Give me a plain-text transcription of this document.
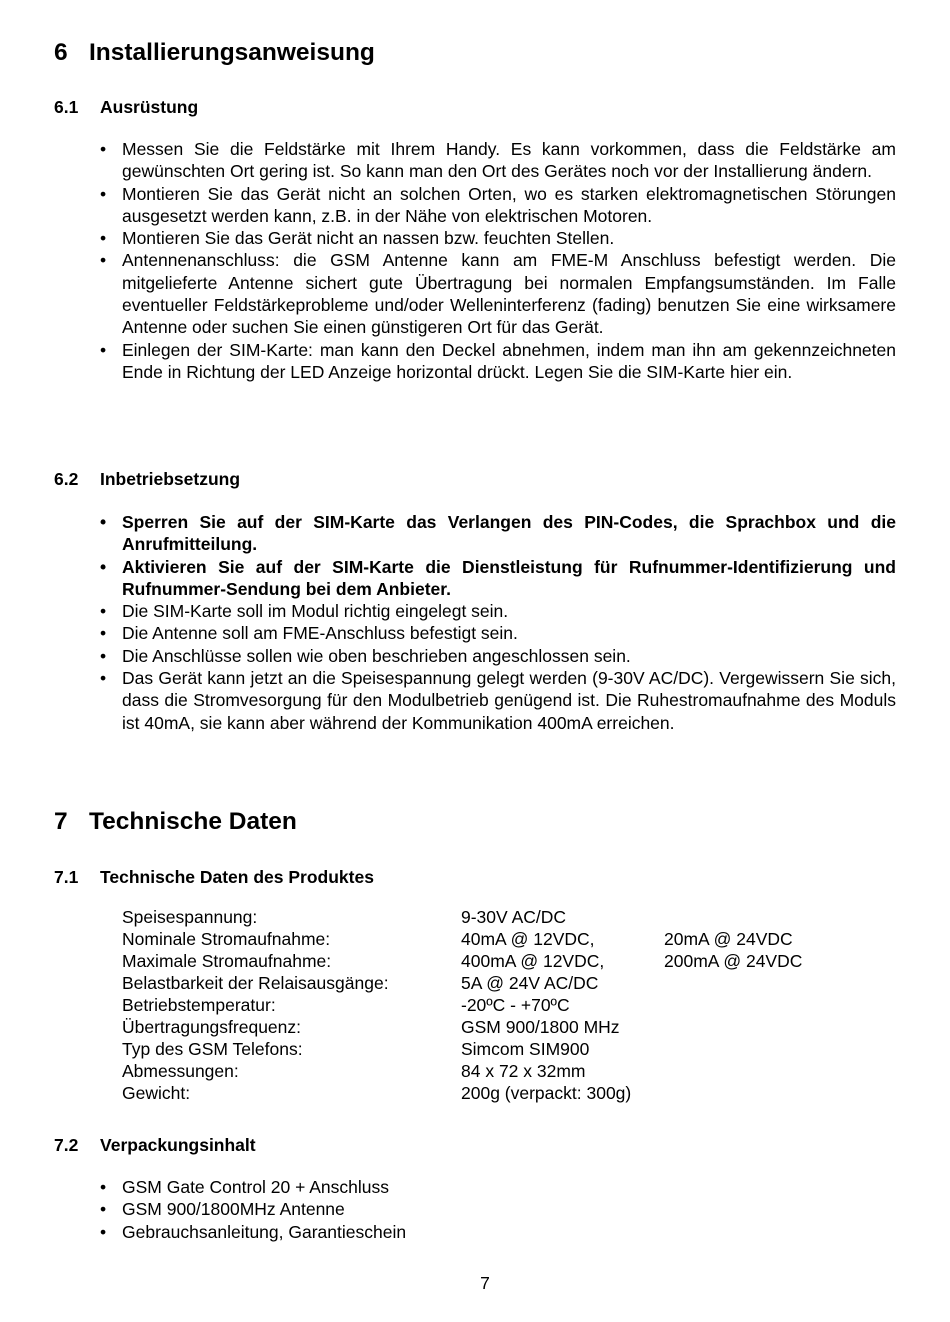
6 Installierungsanweisung
6.1 Ausrüstung
• Messen Sie die Feldstärke mit Ihrem Handy. Es kann vorkommen, dass die Feldstärke am gewünschten Ort gering ist. So kann man den Ort des Gerätes noch vor der Installierung ändern.
• Montieren Sie das Gerät nicht an solchen Orten, wo es starken elektromagnetischen Störungen ausgesetzt werden kann, z.B. in der Nähe von elektrischen Motoren.
• Montieren Sie das Gerät nicht an nassen bzw. feuchten Stellen.
• Antennenanschluss: die GSM Antenne kann am FME-M Anschluss befestigt werden. Die mitgelieferte Antenne sichert gute Übertragung bei normalen Empfangsumständen. Im Falle eventueller Feldstärkeprobleme und/oder Welleninterferenz (fading) benutzen Sie eine wirksamere Antenne oder suchen Sie einen günstigeren Ort für das Gerät.
• Einlegen der SIM-Karte: man kann den Deckel abnehmen, indem man ihn am gekennzeichneten Ende in Richtung der LED Anzeige horizontal drückt. Legen Sie die SIM-Karte hier ein.
6.2 Inbetriebsetzung
• Sperren Sie auf der SIM-Karte das Verlangen des PIN-Codes, die Sprachbox und die Anrufmitteilung.
• Aktivieren Sie auf der SIM-Karte die Dienstleistung für Rufnummer-Identifizierung und Rufnummer-Sendung bei dem Anbieter.
• Die SIM-Karte soll im Modul richtig eingelegt sein.
• Die Antenne soll am FME-Anschluss befestigt sein.
• Die Anschlüsse sollen wie oben beschrieben angeschlossen sein.
• Das Gerät kann jetzt an die Speisespannung gelegt werden (9-30V AC/DC). Vergewissern Sie sich, dass die Stromvesorgung für den Modulbetrieb genügend ist. Die Ruhestromaufnahme des Moduls ist 40mA, sie kann aber während der Kommunikation 400mA erreichen.
7 Technische Daten
7.1 Technische Daten des Produktes
Speisespannung:	9-30V AC/DC
Nominale Stromaufnahme:	40mA @ 12VDC,	20mA @ 24VDC
Maximale Stromaufnahme:	400mA @ 12VDC,	200mA @ 24VDC
Belastbarkeit der Relaisausgänge:	5A @ 24V AC/DC
Betriebstemperatur:	-20ºC - +70ºC
Übertragungsfrequenz:	GSM 900/1800 MHz
Typ des GSM Telefons:	Simcom SIM900
Abmessungen:	84 x 72 x 32mm
Gewicht:	200g (verpackt: 300g)
7.2 Verpackungsinhalt
• GSM Gate Control 20 + Anschluss
• GSM 900/1800MHz Antenne
• Gebrauchsanleitung, Garantieschein
7
